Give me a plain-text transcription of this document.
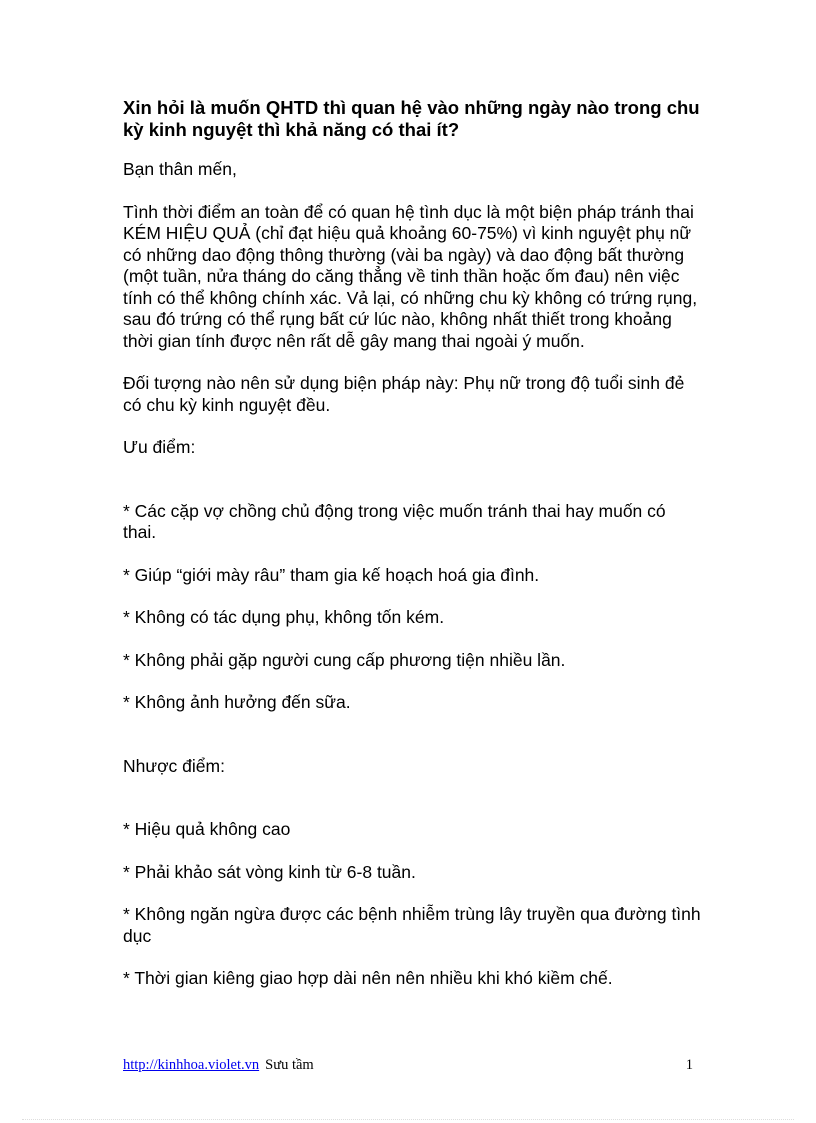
Xin hỏi là muốn QHTD thì quan hệ vào những ngày nào trong chu kỳ kinh nguyệt thì khả năng có thai ít?

Bạn thân mến,

Tình thời điểm an toàn để có quan hệ tình dục là một biện pháp tránh thai KÉM HIỆU QUẢ (chỉ đạt hiệu quả khoảng 60-75%) vì kinh nguyệt phụ nữ có những dao động thông thường (vài ba ngày) và dao động bất thường (một tuần, nửa tháng do căng thẳng về tinh thần hoặc ốm đau) nên việc tính có thể không chính xác. Vả lại, có những chu kỳ không có trứng rụng, sau đó trứng có thể rụng bất cứ lúc nào, không nhất thiết trong khoảng thời gian tính được nên rất dễ gây mang thai ngoài ý muốn.

Đối tượng nào nên sử dụng biện pháp này: Phụ nữ trong độ tuổi sinh đẻ có chu kỳ kinh nguyệt đều.

Ưu điểm:

* Các cặp vợ chồng chủ động trong việc muốn tránh thai hay muốn có thai.

* Giúp “giới mày râu” tham gia kế hoạch hoá gia đình.

* Không có tác dụng phụ, không tốn kém.

* Không phải gặp người cung cấp phương tiện nhiều lần.

* Không ảnh hưởng đến sữa.

Nhược điểm:

* Hiệu quả không cao

* Phải khảo sát vòng kinh từ 6-8 tuần.

* Không ngăn ngừa được các bệnh nhiễm trùng lây truyền qua đường tình dục

* Thời gian kiêng giao hợp dài nên nên nhiều khi khó kiềm chế.

http://kinhhoa.violet.vn Sưu tầm	1
